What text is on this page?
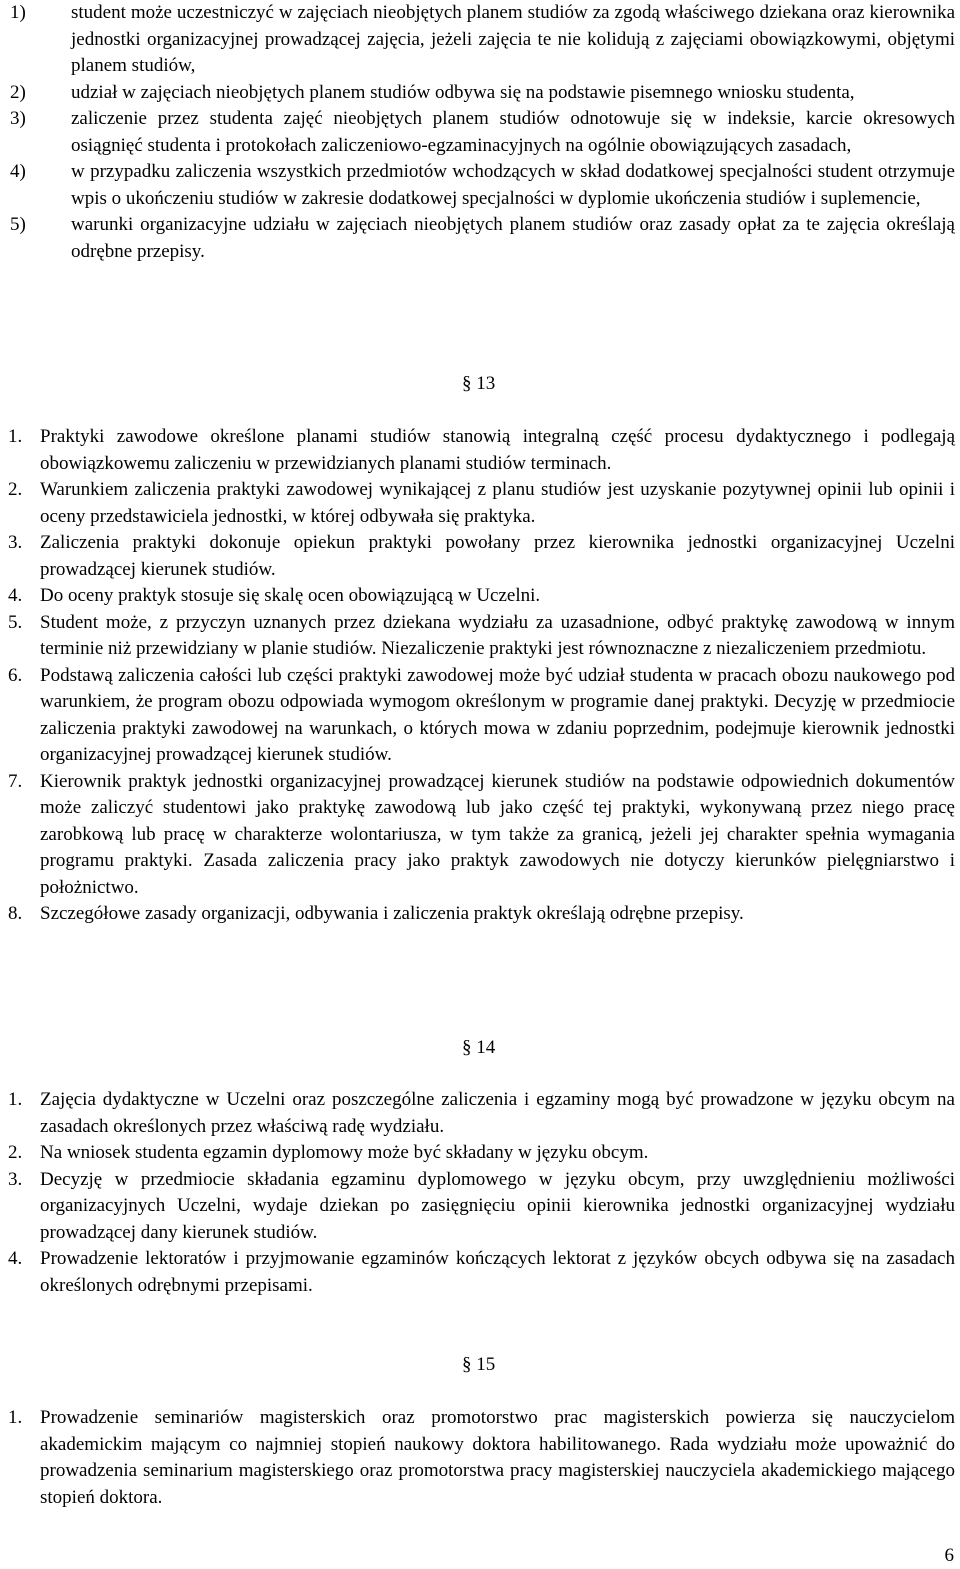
1) student może uczestniczyć w zajęciach nieobjętych planem studiów za zgodą właściwego dziekana oraz kierownika jednostki organizacyjnej prowadzącej zajęcia, jeżeli zajęcia te nie kolidują z zajęciami obowiązkowymi, objętymi planem studiów,
2) udział w zajęciach nieobjętych planem studiów odbywa się na podstawie pisemnego wniosku studenta,
3) zaliczenie przez studenta zajęć nieobjętych planem studiów odnotowuje się w indeksie, karcie okresowych osiągnięć studenta i protokołach zaliczeniowo-egzaminacyjnych na ogólnie obowiązujących zasadach,
4) w przypadku zaliczenia wszystkich przedmiotów wchodzących w skład dodatkowej specjalności student otrzymuje wpis o ukończeniu studiów w zakresie dodatkowej specjalności w dyplomie ukończenia studiów i suplemencie,
5) warunki organizacyjne udziału w zajęciach nieobjętych planem studiów oraz zasady opłat za te zajęcia określają odrębne przepisy.
§ 13
1. Praktyki zawodowe określone planami studiów stanowią integralną część procesu dydaktycznego i podlegają obowiązkowemu zaliczeniu w przewidzianych planami studiów terminach.
2. Warunkiem zaliczenia praktyki zawodowej wynikającej z planu studiów jest uzyskanie pozytywnej opinii lub opinii i oceny przedstawiciela jednostki, w której odbywała się praktyka.
3. Zaliczenia praktyki dokonuje opiekun praktyki powołany przez kierownika jednostki organizacyjnej Uczelni prowadzącej kierunek studiów.
4. Do oceny praktyk stosuje się skalę ocen obowiązującą w Uczelni.
5. Student może, z przyczyn uznanych przez dziekana wydziału za uzasadnione, odbyć praktykę zawodową w innym terminie niż przewidziany w planie studiów. Niezaliczenie praktyki jest równoznaczne z niezaliczeniem przedmiotu.
6. Podstawą zaliczenia całości lub części praktyki zawodowej może być udział studenta w pracach obozu naukowego pod warunkiem, że program obozu odpowiada wymogom określonym w programie danej praktyki. Decyzję w przedmiocie zaliczenia praktyki zawodowej na warunkach, o których mowa w zdaniu poprzednim, podejmuje kierownik jednostki organizacyjnej prowadzącej kierunek studiów.
7. Kierownik praktyk jednostki organizacyjnej prowadzącej kierunek studiów na podstawie odpowiednich dokumentów może zaliczyć studentowi jako praktykę zawodową lub jako część tej praktyki, wykonywaną przez niego pracę zarobkową lub pracę w charakterze wolontariusza, w tym także za granicą, jeżeli jej charakter spełnia wymagania programu praktyki. Zasada zaliczenia pracy jako praktyk zawodowych nie dotyczy kierunków pielęgniarstwo i położnictwo.
8. Szczegółowe zasady organizacji, odbywania i zaliczenia praktyk określają odrębne przepisy.
§ 14
1. Zajęcia dydaktyczne w Uczelni oraz poszczególne zaliczenia i egzaminy mogą być prowadzone w języku obcym na zasadach określonych przez właściwą radę wydziału.
2. Na wniosek studenta egzamin dyplomowy może być składany w języku obcym.
3. Decyzję w przedmiocie składania egzaminu dyplomowego w języku obcym, przy uwzględnieniu możliwości organizacyjnych Uczelni, wydaje dziekan po zasięgnięciu opinii kierownika jednostki organizacyjnej wydziału prowadzącej dany kierunek studiów.
4. Prowadzenie lektoratów i przyjmowanie egzaminów kończących lektorat z języków obcych odbywa się na zasadach określonych odrębnymi przepisami.
§ 15
1. Prowadzenie seminariów magisterskich oraz promotorstwo prac magisterskich powierza się nauczycielom akademickim mającym co najmniej stopień naukowy doktora habilitowanego. Rada wydziału może upoważnić do prowadzenia seminarium magisterskiego oraz promotorstwa pracy magisterskiej nauczyciela akademickiego mającego stopień doktora.
6
